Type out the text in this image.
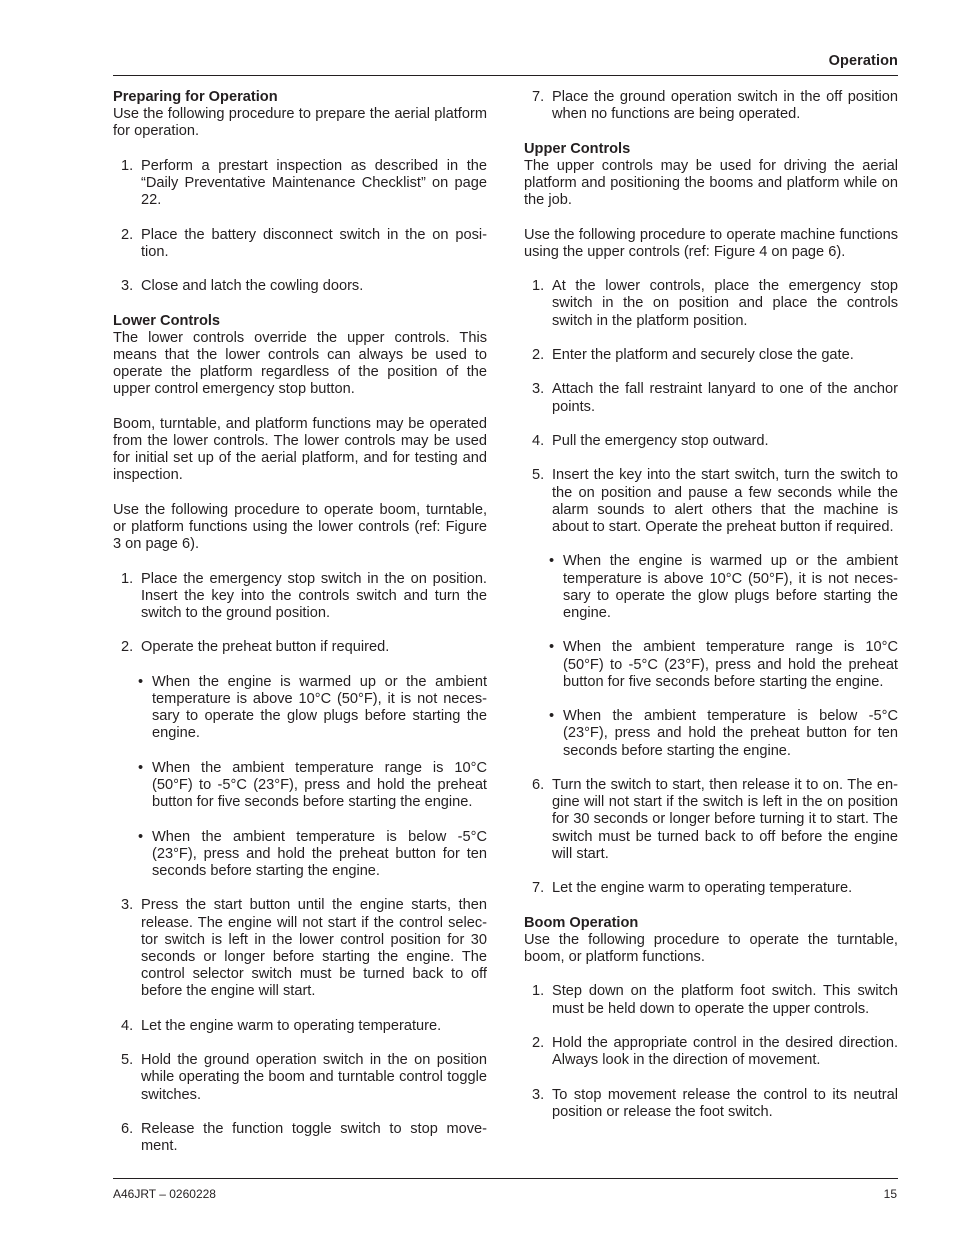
Operation

Preparing for Operation

Use the following procedure to prepare the aerial platform for operation.

1. Perform a prestart inspection as described in the “Daily Preventative Maintenance Checklist” on page 22.
2. Place the battery disconnect switch in the on posi-tion.
3. Close and latch the cowling doors.

Lower Controls

The lower controls override the upper controls. This means that the lower controls can always be used to operate the platform regardless of the position of the upper control emergency stop button.

Boom, turntable, and platform functions may be operated from the lower controls. The lower controls may be used for initial set up of the aerial platform, and for testing and inspection.

Use the following procedure to operate boom, turntable, or platform functions using the lower controls (ref: Figure 3 on page 6).

1. Place the emergency stop switch in the on position. Insert the key into the controls switch and turn the switch to the ground position.
2. Operate the preheat button if required.
• When the engine is warmed up or the ambient temperature is above 10°C (50°F), it is not neces-sary to operate the glow plugs before starting the engine.
• When the ambient temperature range is 10°C (50°F) to -5°C (23°F), press and hold the preheat button for five seconds before starting the engine.
• When the ambient temperature is below -5°C (23°F), press and hold the preheat button for ten seconds before starting the engine.
3. Press the start button until the engine starts, then release. The engine will not start if the control selec-tor switch is left in the lower control position for 30 seconds or longer before starting the engine. The control selector switch must be turned back to off before the engine will start.
4. Let the engine warm to operating temperature.
5. Hold the ground operation switch in the on position while operating the boom and turntable control toggle switches.
6. Release the function toggle switch to stop move-ment.
7. Place the ground operation switch in the off position when no functions are being operated.

Upper Controls

The upper controls may be used for driving the aerial platform and positioning the booms and platform while on the job.

Use the following procedure to operate machine functions using the upper controls (ref: Figure 4 on page 6).

1. At the lower controls, place the emergency stop switch in the on position and place the controls switch in the platform position.
2. Enter the platform and securely close the gate.
3. Attach the fall restraint lanyard to one of the anchor points.
4. Pull the emergency stop outward.
5. Insert the key into the start switch, turn the switch to the on position and pause a few seconds while the alarm sounds to alert others that the machine is about to start. Operate the preheat button if required.
• When the engine is warmed up or the ambient temperature is above 10°C (50°F), it is not neces-sary to operate the glow plugs before starting the engine.
• When the ambient temperature range is 10°C (50°F) to -5°C (23°F), press and hold the preheat button for five seconds before starting the engine.
• When the ambient temperature is below -5°C (23°F), press and hold the preheat button for ten seconds before starting the engine.
6. Turn the switch to start, then release it to on. The en-gine will not start if the switch is left in the on position for 30 seconds or longer before turning it to start. The switch must be turned back to off before the engine will start.
7. Let the engine warm to operating temperature.

Boom Operation

Use the following procedure to operate the turntable, boom, or platform functions.

1. Step down on the platform foot switch. This switch must be held down to operate the upper controls.
2. Hold the appropriate control in the desired direction. Always look in the direction of movement.
3. To stop movement release the control to its neutral position or release the foot switch.
A46JRT – 0260228	15
